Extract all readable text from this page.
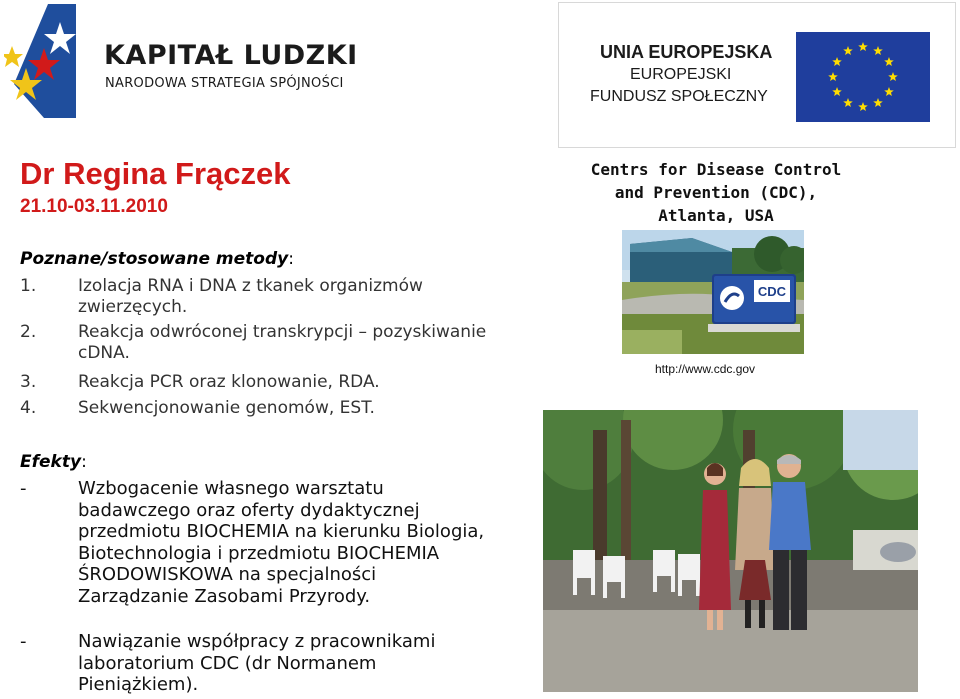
KAPITAŁ LUDZKI
NARODOWA STRATEGIA SPÓJNOŚCI
UNIA EUROPEJSKA
EUROPEJSKI
FUNDUSZ SPOŁECZNY
Dr Regina Frączek
21.10-03.11.2010
Poznane/stosowane metody:
1. Izolacja RNA i DNA z tkanek organizmów zwierzęcych.
2. Reakcja odwróconej transkrypcji – pozyskiwanie cDNA.
3. Reakcja PCR oraz klonowanie, RDA.
4. Sekwencjonowanie genomów, EST.
Efekty:
-	Wzbogacenie własnego warsztatu badawczego oraz oferty dydaktycznej przedmiotu BIOCHEMIA na kierunku Biologia, Biotechnologia i przedmiotu BIOCHEMIA ŚRODOWISKOWA na specjalności Zarządzanie Zasobami Przyrody.
-	Nawiązanie współpracy z pracownikami laboratorium CDC (dr Normanem Pieniążkiem).
Centrs for Disease Control
and Prevention (CDC),
Atlanta, USA
CDC
http://www.cdc.gov
